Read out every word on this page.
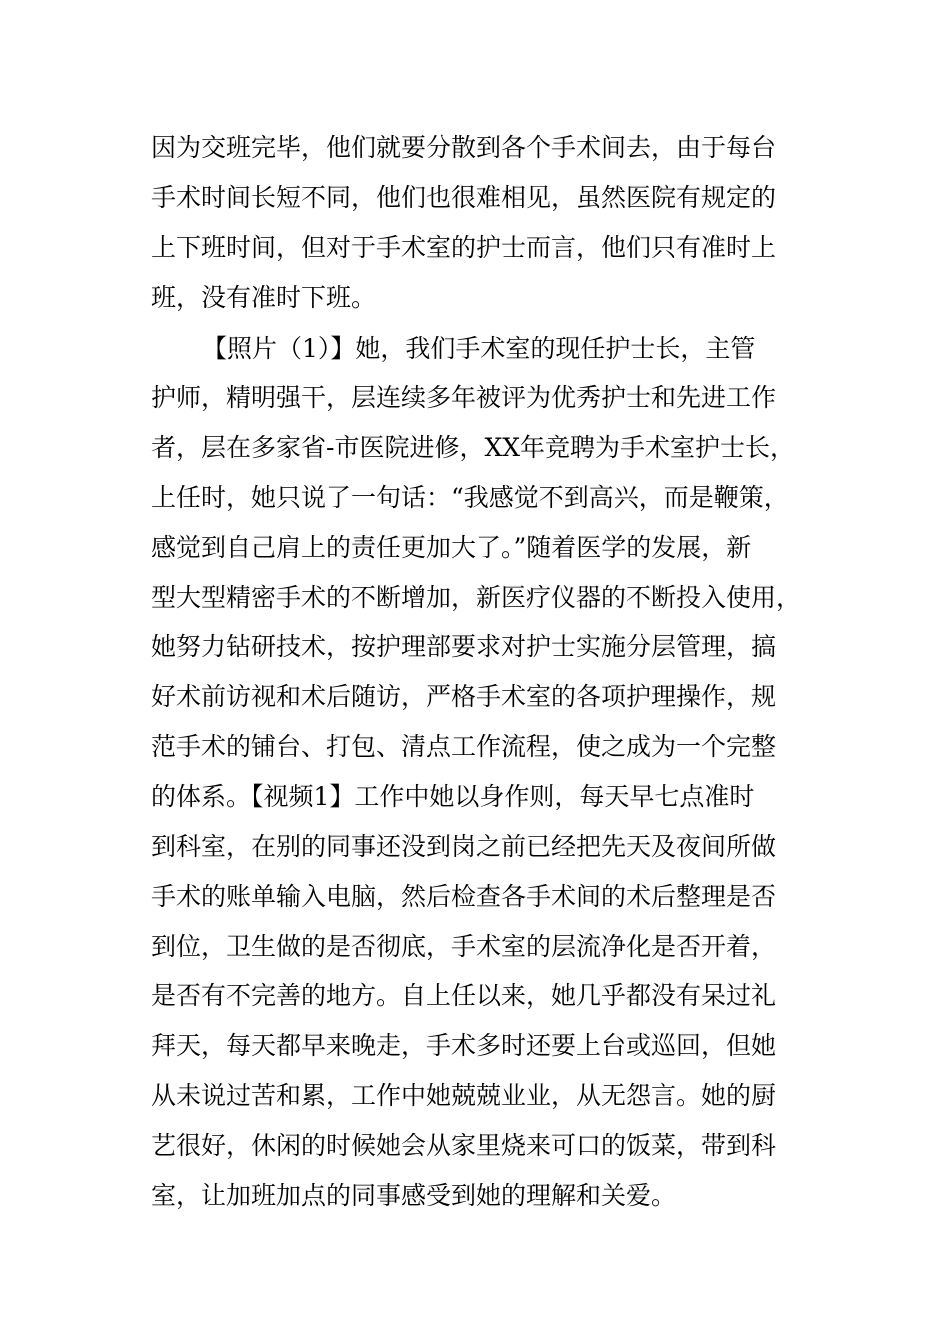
因为交班完毕，他们就要分散到各个手术间去，由于每台
手术时间长短不同，他们也很难相见，虽然医院有规定的
上下班时间，但对于手术室的护士而言，他们只有准时上
班，没有准时下班。
【照片（1）】她，我们手术室的现任护士长，主管
护师，精明强干，层连续多年被评为优秀护士和先进工作
者，层在多家省-市医院进修，XX年竞聘为手术室护士长，
上任时，她只说了一句话：“我感觉不到高兴，而是鞭策，
感觉到自己肩上的责任更加大了。”随着医学的发展，新
型大型精密手术的不断增加，新医疗仪器的不断投入使用，
她努力钻研技术，按护理部要求对护士实施分层管理，搞
好术前访视和术后随访，严格手术室的各项护理操作，规
范手术的铺台、打包、清点工作流程，使之成为一个完整
的体系。【视频1】工作中她以身作则，每天早七点准时
到科室，在别的同事还没到岗之前已经把先天及夜间所做
手术的账单输入电脑，然后检查各手术间的术后整理是否
到位，卫生做的是否彻底，手术室的层流净化是否开着，
是否有不完善的地方。自上任以来，她几乎都没有呆过礼
拜天，每天都早来晚走，手术多时还要上台或巡回，但她
从未说过苦和累，工作中她兢兢业业，从无怨言。她的厨
艺很好，休闲的时候她会从家里烧来可口的饭菜，带到科
室，让加班加点的同事感受到她的理解和关爱。
